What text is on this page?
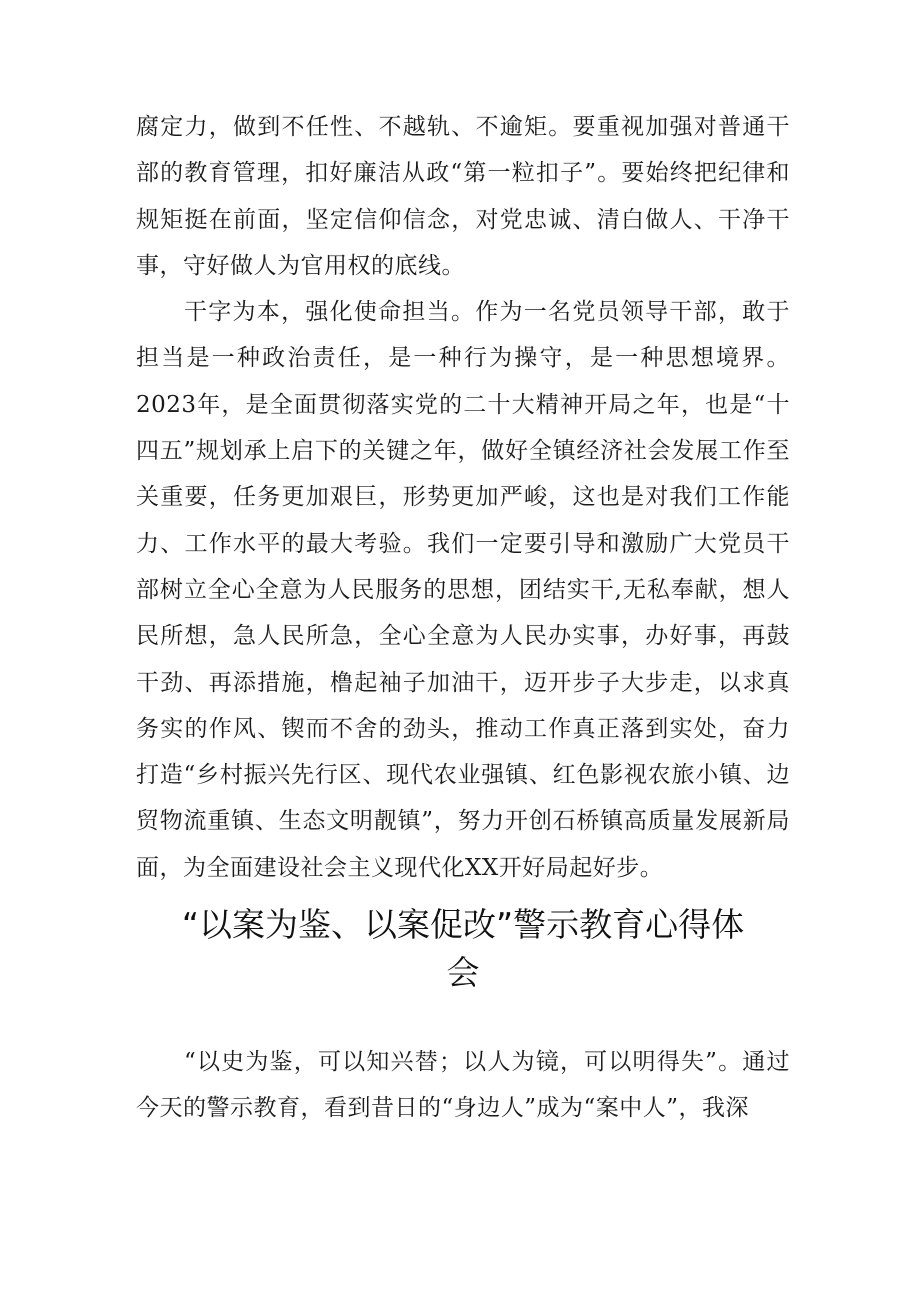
腐定力，做到不任性、不越轨、不逾矩。要重视加强对普通干部的教育管理，扣好廉洁从政“第一粒扣子”。要始终把纪律和规矩挺在前面，坚定信仰信念，对党忠诚、清白做人、干净干事，守好做人为官用权的底线。

干字为本，强化使命担当。作为一名党员领导干部，敢于担当是一种政治责任，是一种行为操守，是一种思想境界。2023年，是全面贯彻落实党的二十大精神开局之年，也是“十四五”规划承上启下的关键之年，做好全镇经济社会发展工作至关重要，任务更加艰巨，形势更加严峻，这也是对我们工作能力、工作水平的最大考验。我们一定要引导和激励广大党员干部树立全心全意为人民服务的思想，团结实干,无私奉献，想人民所想，急人民所急，全心全意为人民办实事，办好事，再鼓干劲、再添措施，橹起袖子加油干，迈开步子大步走，以求真务实的作风、锲而不舍的劲头，推动工作真正落到实处，奋力打造“乡村振兴先行区、现代农业强镇、红色影视农旅小镇、边贸物流重镇、生态文明靓镇”，努力开创石桥镇高质量发展新局面，为全面建设社会主义现代化XX开好局起好步。

“以案为鉴、以案促改”警示教育心得体
会

“以史为鉴，可以知兴替；以人为镜，可以明得失”。通过今天的警示教育，看到昔日的“身边人”成为“案中人”，我深
